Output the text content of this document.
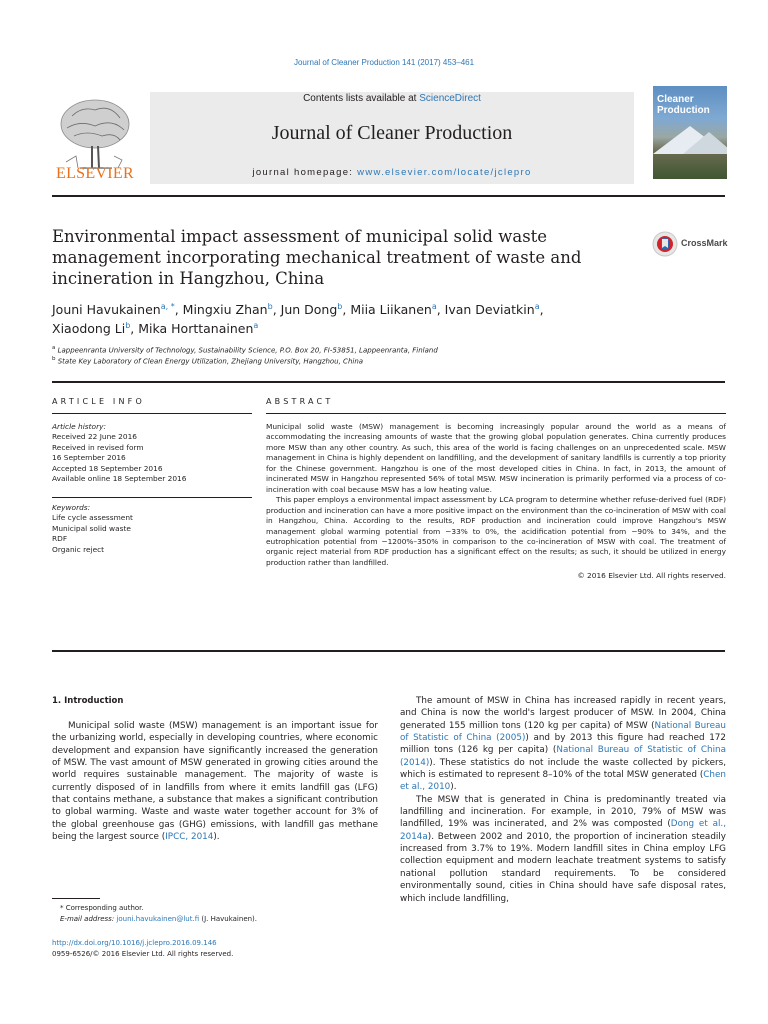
Journal of Cleaner Production 141 (2017) 453–461
ELSEVIER
Contents lists available at ScienceDirect
Journal of Cleaner Production
journal homepage: www.elsevier.com/locate/jclepro
Cleaner
Production
Environmental impact assessment of municipal solid waste management incorporating mechanical treatment of waste and incineration in Hangzhou, China
CrossMark
Jouni Havukainen$^{a, *}$, Mingxiu Zhan$^b$, Jun Dong$^b$, Miia Liikanen$^a$, Ivan Deviatkin$^a$,
Xiaodong Li$^b$, Mika Horttanainen$^a$
$^a$ Lappeenranta University of Technology, Sustainability Science, P.O. Box 20, FI-53851, Lappeenranta, Finland
$^b$ State Key Laboratory of Clean Energy Utilization, Zhejiang University, Hangzhou, China
ARTICLE INFO	ABSTRACT
Article history:
Received 22 June 2016
Received in revised form
16 September 2016
Accepted 18 September 2016
Available online 18 September 2016
Keywords:
Life cycle assessment
Municipal solid waste
RDF
Organic reject

Municipal solid waste (MSW) management is becoming increasingly popular around the world as a means of accommodating the increasing amounts of waste that the growing global population generates. China currently produces more MSW than any other country. As such, this area of the world is facing challenges on an unprecedented scale. MSW management in China is highly dependent on landfilling, and the development of sanitary landfills is currently a top priority for the Chinese government. Hangzhou is one of the most developed cities in China. In fact, in 2013, the amount of incinerated MSW in Hangzhou represented 56% of total MSW. MSW incineration is primarily performed via a process of co-incineration with coal because MSW has a low heating value.

This paper employs a environmental impact assessment by LCA program to determine whether refuse-derived fuel (RDF) production and incineration can have a more positive impact on the environment than the co-incineration of MSW with coal in Hangzhou, China. According to the results, RDF production and incineration could improve Hangzhou's MSW management global warming potential from −33% to 0%, the acidification potential from −90% to 34%, and the eutrophication potential from −1200%–350% in comparison to the co-incineration of MSW with coal. The treatment of organic reject material from RDF production has a significant effect on the results; as such, it should be utilized in energy production rather than landfilled.

© 2016 Elsevier Ltd. All rights reserved.

1. Introduction

Municipal solid waste (MSW) management is an important issue for the urbanizing world, especially in developing countries, where economic development and expansion have significantly increased the generation of MSW. The vast amount of MSW generated in growing cities around the world requires sustainable management. The majority of waste is currently disposed of in landfills from where it emits landfill gas (LFG) that contains methane, a substance that makes a significant contribution to global warming. Waste and waste water together account for 3% of the global greenhouse gas (GHG) emissions, with landfill gas methane being the largest source (IPCC, 2014).

The amount of MSW in China has increased rapidly in recent years, and China is now the world's largest producer of MSW. In 2004, China generated 155 million tons (120 kg per capita) of MSW (National Bureau of Statistic of China (2005)) and by 2013 this figure had reached 172 million tons (126 kg per capita) (National Bureau of Statistic of China (2014)). These statistics do not include the waste collected by pickers, which is estimated to represent 8–10% of the total MSW generated (Chen et al., 2010).

The MSW that is generated in China is predominantly treated via landfilling and incineration. For example, in 2010, 79% of MSW was landfilled, 19% was incinerated, and 2% was composted (Dong et al., 2014a). Between 2002 and 2010, the proportion of incineration steadily increased from 3.7% to 19%. Modern landfill sites in China employ LFG collection equipment and modern leachate treatment systems to satisfy national pollution standard requirements. To be considered environmentally sound, cities in China should have safe disposal rates, which include landfilling,

* Corresponding author.
E-mail address: jouni.havukainen@lut.fi (J. Havukainen).
http://dx.doi.org/10.1016/j.jclepro.2016.09.146
0959-6526/© 2016 Elsevier Ltd. All rights reserved.
